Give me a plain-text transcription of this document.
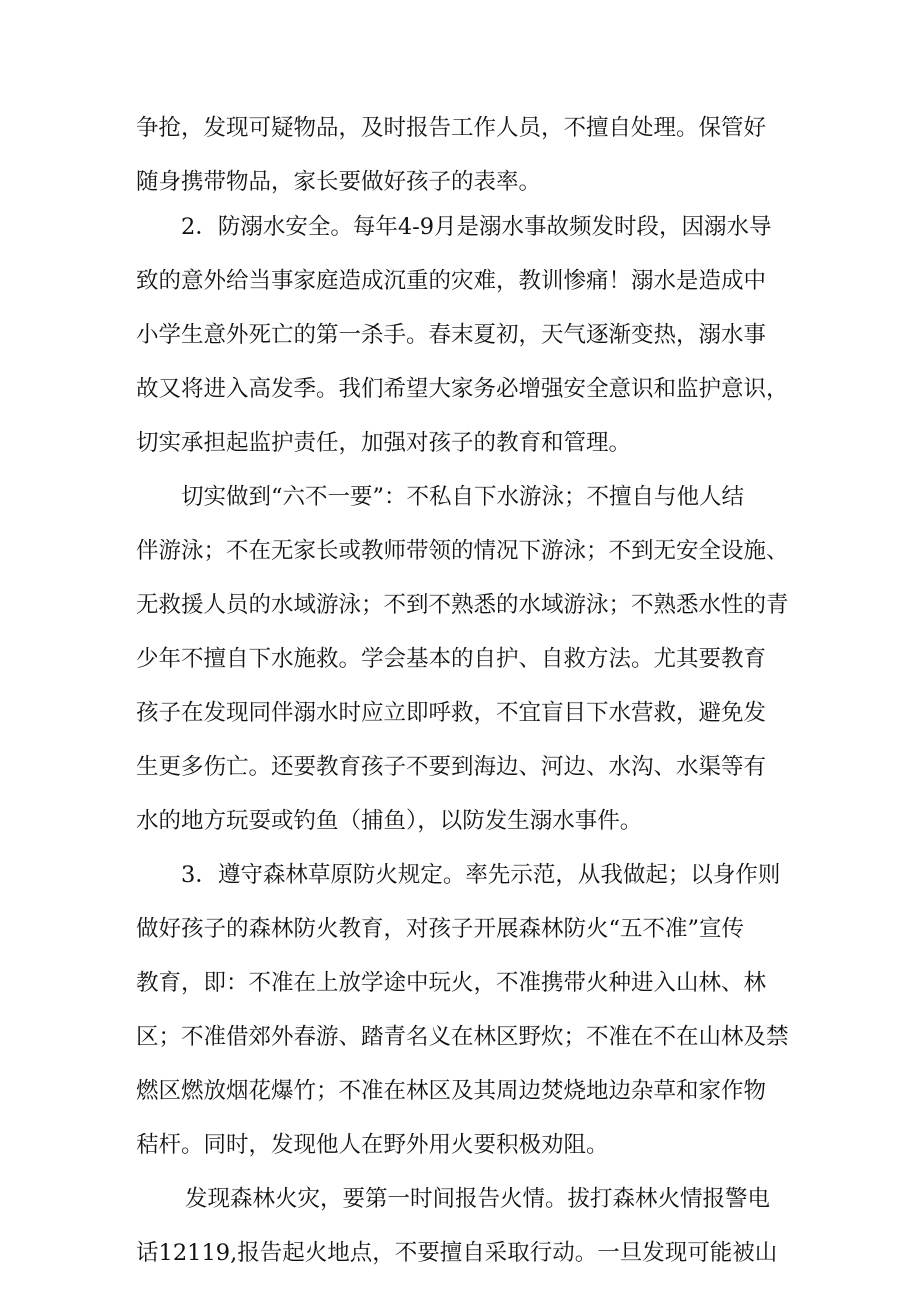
争抢，发现可疑物品，及时报告工作人员，不擅自处理。保管好
随身携带物品，家长要做好孩子的表率。
2．防溺水安全。每年4-9月是溺水事故频发时段，因溺水导
致的意外给当事家庭造成沉重的灾难，教训惨痛！溺水是造成中
小学生意外死亡的第一杀手。春末夏初，天气逐渐变热，溺水事
故又将进入高发季。我们希望大家务必增强安全意识和监护意识，
切实承担起监护责任，加强对孩子的教育和管理。
切实做到“六不一要”：不私自下水游泳；不擅自与他人结
伴游泳；不在无家长或教师带领的情况下游泳；不到无安全设施、
无救援人员的水域游泳；不到不熟悉的水域游泳；不熟悉水性的青
少年不擅自下水施救。学会基本的自护、自救方法。尤其要教育
孩子在发现同伴溺水时应立即呼救，不宜盲目下水营救，避免发
生更多伤亡。还要教育孩子不要到海边、河边、水沟、水渠等有
水的地方玩耍或钓鱼（捕鱼），以防发生溺水事件。
3．遵守森林草原防火规定。率先示范，从我做起；以身作则
做好孩子的森林防火教育，对孩子开展森林防火“五不准”宣传
教育，即：不准在上放学途中玩火，不准携带火种进入山林、林
区；不准借郊外春游、踏青名义在林区野炊；不准在不在山林及禁
燃区燃放烟花爆竹；不准在林区及其周边焚烧地边杂草和家作物
秸杆。同时，发现他人在野外用火要积极劝阻。
发现森林火灾，要第一时间报告火情。拔打森林火情报警电
话12119,报告起火地点，不要擅自采取行动。一旦发现可能被山
